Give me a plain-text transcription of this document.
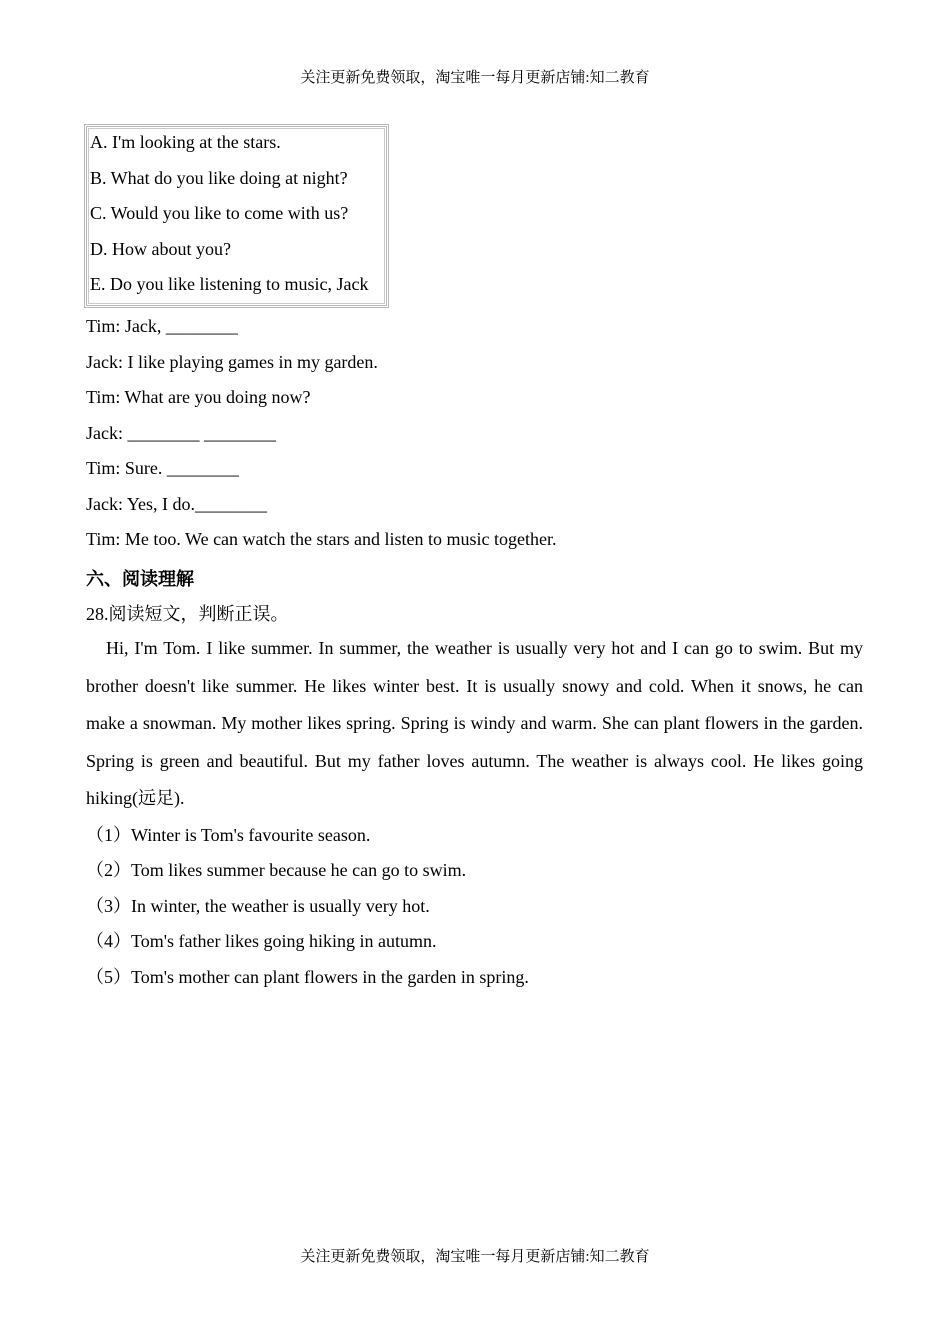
关注更新免费领取，淘宝唯一每月更新店铺:知二教育
A. I'm looking at the stars.
B. What do you like doing at night?
C. Would you like to come with us?
D. How about you?
E. Do you like listening to music, Jack
Tim: Jack, ________
Jack: I like playing games in my garden.
Tim: What are you doing now?
Jack: ________ ________
Tim: Sure. ________
Jack: Yes, I do.________
Tim: Me too. We can watch the stars and listen to music together.
六、阅读理解
28.阅读短文，判断正误。

Hi, I'm Tom. I like summer. In summer, the weather is usually very hot and I can go to swim. But my brother doesn't like summer. He likes winter best. It is usually snowy and cold. When it snows, he can make a snowman. My mother likes spring. Spring is windy and warm. She can plant flowers in the garden. Spring is green and beautiful. But my father loves autumn. The weather is always cool. He likes going hiking(远足).

（1）Winter is Tom's favourite season.
（2）Tom likes summer because he can go to swim.
（3）In winter, the weather is usually very hot.
（4）Tom's father likes going hiking in autumn.
（5）Tom's mother can plant flowers in the garden in spring.
关注更新免费领取，淘宝唯一每月更新店铺:知二教育
